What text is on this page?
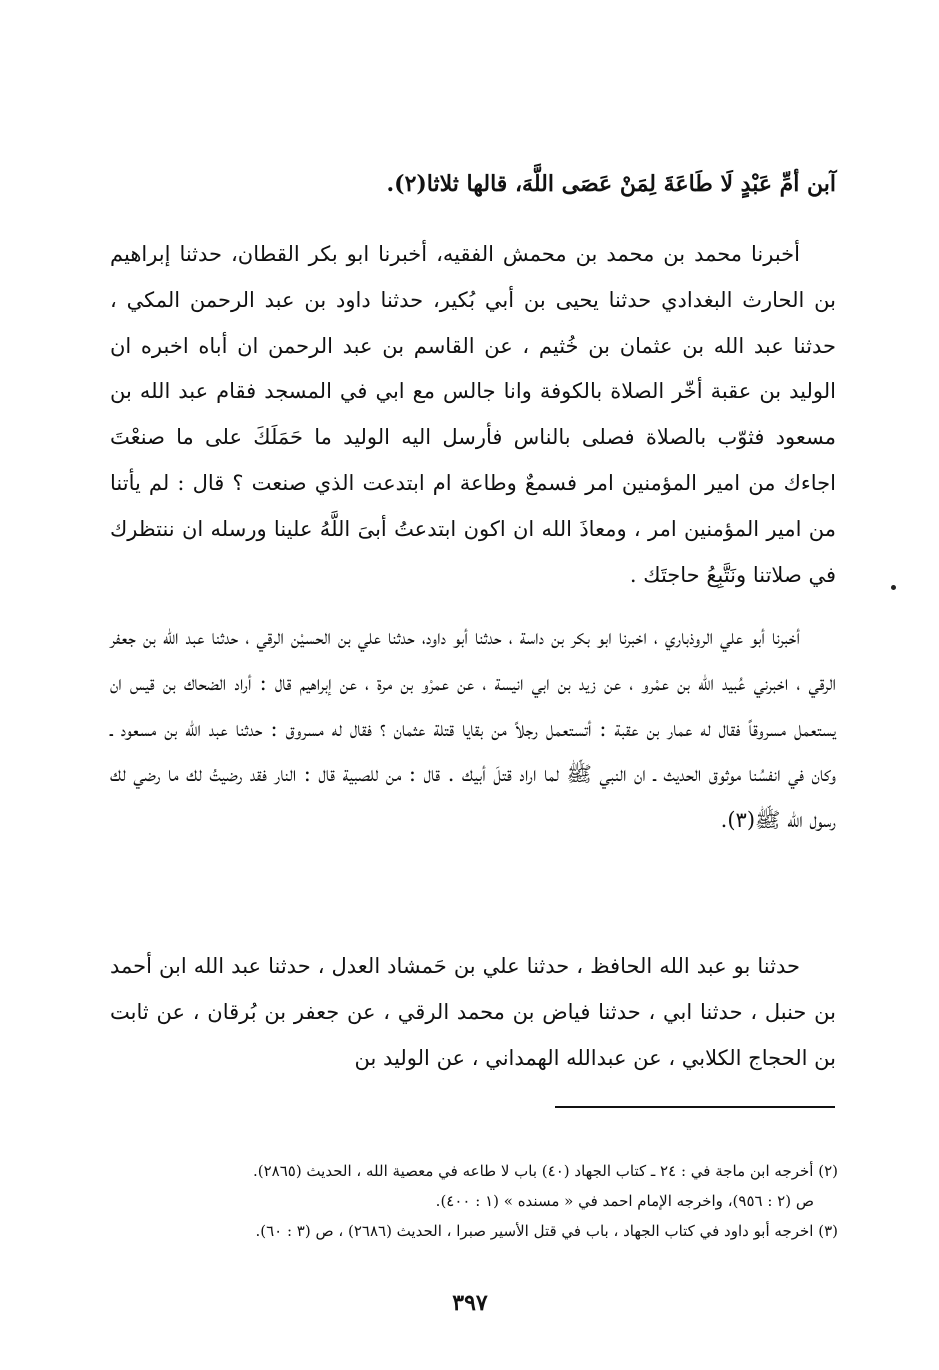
آبن أمِّ عَبْدٍ لَا طَاعَةَ لِمَنْ عَصَى اللَّهَ، قالها ثلاثا(٢).

أخبرنا محمد بن محمد بن محمش الفقيه، أخبرنا ابو بكر القطان، حدثنا إبراهيم بن الحارث البغدادي حدثنا يحيى بن أبي بُكير، حدثنا داود بن عبد الرحمن المكي ، حدثنا عبد الله بن عثمان بن خُثيم ، عن القاسم بن عبد الرحمن ان أباه اخبره ان الوليد بن عقبة أخّر الصلاة بالكوفة وانا جالس مع ابي في المسجد فقام عبد الله بن مسعود فثوّب بالصلاة فصلى بالناس فأرسل اليه الوليد ما حَمَلَكَ على ما صنعْتَ اجاءك من امير المؤمنين امر فسمعٌ وطاعة ام ابتدعت الذي صنعت ؟ قال : لم يأتنا من امير المؤمنين امر ، ومعاذَ الله ان اكون ابتدعتُ أبىَ اللَّهُ علينا ورسله ان ننتظرك في صلاتنا ونَتَّبِعُ حاجتَك .

أخبرنا أبو علي الروذباري ، اخبرنا ابو بكر بن داسة ، حدثنا أبو داود، حدثنا علي بن الحسيْن الرقي ، حدثنا عبد الله بن جعفر الرقي ، اخبرني عُبيد الله بن عمْرو ، عن زيد بن ابي انيسة ، عن عمرْو بن مرة ، عن إبراهيم قال : أراد الضحاك بن قيس ان يستعمل مسروقاً فقال له عمار بن عقبة : أتستعمل رجلاً من بقايا قتلة عثمان ؟ فقال له مسروق : حدثنا عبد الله بن مسعود ـ وكان في انفسُنا موثوق الحديث ـ ان النبي ﷺ لما اراد قتلَ أبيك . قال : من للصبية قال : النار فقد رضيتُ لك ما رضي لك رسول الله ﷺ(٣).

حدثنا بو عبد الله الحافظ ، حدثنا علي بن حَمشاد العدل ، حدثنا عبد الله ابن أحمد بن حنبل ، حدثنا ابي ، حدثنا فياض بن محمد الرقي ، عن جعفر بن بُرقان ، عن ثابت بن الحجاج الكلابي ، عن عبدالله الهمداني ، عن الوليد بن

(٢) أخرجه ابن ماجة في : ٢٤ ـ كتاب الجهاد (٤٠) باب لا طاعه في معصية الله ، الحديث (٢٨٦٥).
ص (٢ : ٩٥٦)، واخرجه الإمام احمد في « مسنده » (١ : ٤٠٠).
(٣) اخرجه أبو داود في كتاب الجهاد ، باب في قتل الأسير صبرا ، الحديث (٢٦٨٦) ، ص (٣ : ٦٠).
٣٩٧
